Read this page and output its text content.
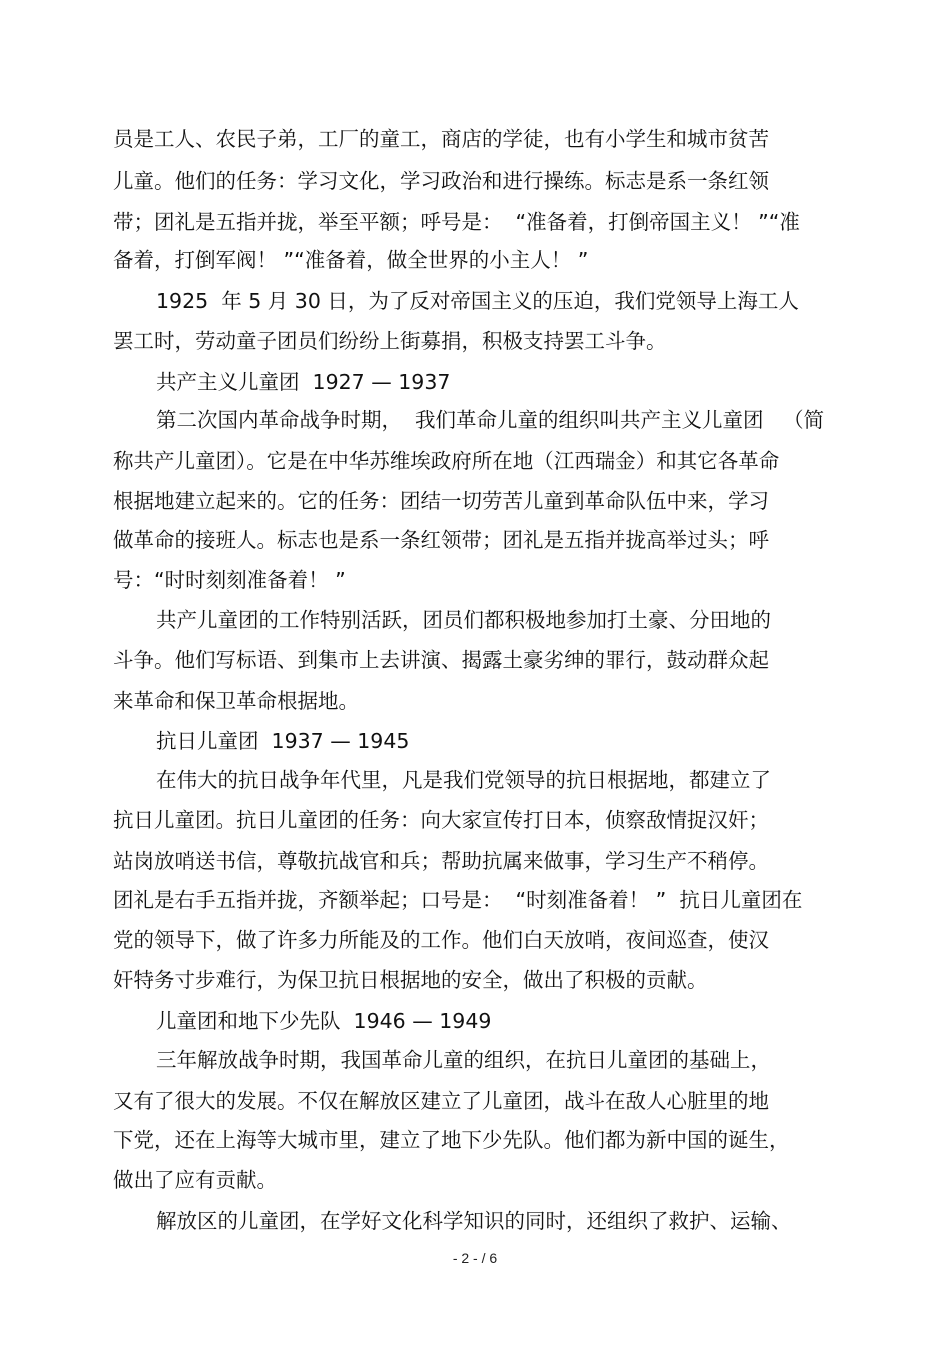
员是工人、农民子弟，工厂的童工，商店的学徒，也有小学生和城市贫苦
儿童。他们的任务：学习文化，学习政治和进行操练。标志是系一条红领
带；团礼是五指并拢，举至平额；呼号是：  “准备着，打倒帝国主义！ ”“准
备着，打倒军阀！ ”“准备着，做全世界的小主人！ ”
1925  年 5 月 30 日，为了反对帝国主义的压迫，我们党领导上海工人
罢工时，劳动童子团员们纷纷上街募捐，积极支持罢工斗争。
共产主义儿童团  1927 — 1937
第二次国内革命战争时期，  我们革命儿童的组织叫共产主义儿童团   （简
称共产儿童团）。它是在中华苏维埃政府所在地（江西瑞金）和其它各革命
根据地建立起来的。它的任务：团结一切劳苦儿童到革命队伍中来，学习
做革命的接班人。标志也是系一条红领带；团礼是五指并拢高举过头；呼
号：“时时刻刻准备着！ ”
共产儿童团的工作特别活跃，团员们都积极地参加打土豪、分田地的
斗争。他们写标语、到集市上去讲演、揭露土豪劣绅的罪行，鼓动群众起
来革命和保卫革命根据地。
抗日儿童团  1937 — 1945
在伟大的抗日战争年代里，凡是我们党领导的抗日根据地，都建立了
抗日儿童团。抗日儿童团的任务：向大家宣传打日本，侦察敌情捉汉奸；
站岗放哨送书信，尊敬抗战官和兵；帮助抗属来做事，学习生产不稍停。
团礼是右手五指并拢，齐额举起；口号是：  “时刻准备着！ ”  抗日儿童团在
党的领导下，做了许多力所能及的工作。他们白天放哨，夜间巡查，使汉
奸特务寸步难行，为保卫抗日根据地的安全，做出了积极的贡献。
儿童团和地下少先队  1946 — 1949
三年解放战争时期，我国革命儿童的组织，在抗日儿童团的基础上，
又有了很大的发展。不仅在解放区建立了儿童团，战斗在敌人心脏里的地
下党，还在上海等大城市里，建立了地下少先队。他们都为新中国的诞生，
做出了应有贡献。
解放区的儿童团，在学好文化科学知识的同时，还组织了救护、运输、
- 2 - / 6
